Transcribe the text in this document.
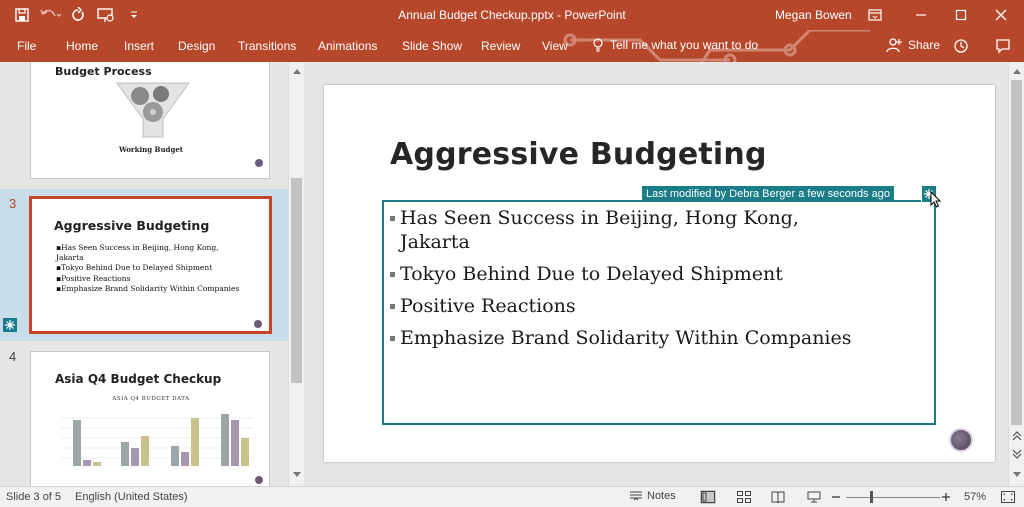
Annual Budget Checkup.pptx - PowerPoint	Megan Bowen
File Home Insert Design Transitions Animations Slide Show Review View	Tell me what you want to do	Share
Budget Process
Working Budget
3
Aggressive Budgeting
▪Has Seen Success in Beijing, Hong Kong, Jakarta
▪Tokyo Behind Due to Delayed Shipment
▪Positive Reactions
▪Emphasize Brand Solidarity Within Companies
4
Asia Q4 Budget Checkup
ASIA Q4 BUDGET DATA
Aggressive Budgeting
Has Seen Success in Beijing, Hong Kong, Jakarta
Tokyo Behind Due to Delayed Shipment
Positive Reactions
Emphasize Brand Solidarity Within Companies
Last modified by Debra Berger a few seconds ago
Slide 3 of 5 English (United States)	Notes	57%
